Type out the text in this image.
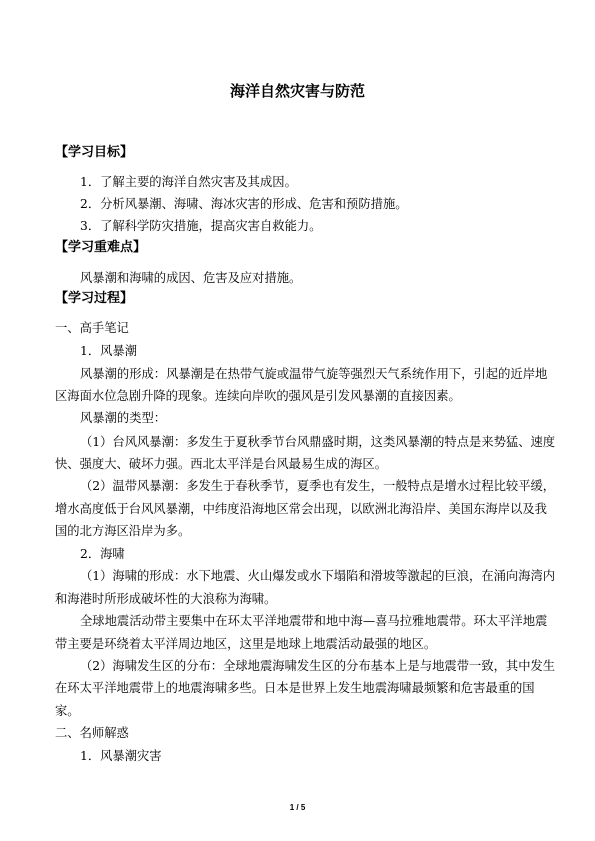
海洋自然灾害与防范
【学习目标】
1．了解主要的海洋自然灾害及其成因。
2．分析风暴潮、海啸、海冰灾害的形成、危害和预防措施。
3．了解科学防灾措施，提高灾害自救能力。
【学习重难点】
风暴潮和海啸的成因、危害及应对措施。
【学习过程】
一、高手笔记
1．风暴潮
风暴潮的形成：风暴潮是在热带气旋或温带气旋等强烈天气系统作用下，引起的近岸地
区海面水位急剧升降的现象。连续向岸吹的强风是引发风暴潮的直接因素。
风暴潮的类型：
（1）台风风暴潮：多发生于夏秋季节台风鼎盛时期，这类风暴潮的特点是来势猛、速度
快、强度大、破坏力强。西北太平洋是台风最易生成的海区。
（2）温带风暴潮：多发生于春秋季节，夏季也有发生，一般特点是增水过程比较平缓，
增水高度低于台风风暴潮，中纬度沿海地区常会出现，以欧洲北海沿岸、美国东海岸以及我
国的北方海区沿岸为多。
2．海啸
（1）海啸的形成：水下地震、火山爆发或水下塌陷和滑坡等激起的巨浪，在涌向海湾内
和海港时所形成破坏性的大浪称为海啸。
全球地震活动带主要集中在环太平洋地震带和地中海—喜马拉雅地震带。环太平洋地震
带主要是环绕着太平洋周边地区，这里是地球上地震活动最强的地区。
（2）海啸发生区的分布：全球地震海啸发生区的分布基本上是与地震带一致，其中发生
在环太平洋地震带上的地震海啸多些。日本是世界上发生地震海啸最频繁和危害最重的国
家。
二、名师解惑
1．风暴潮灾害
1 / 5
